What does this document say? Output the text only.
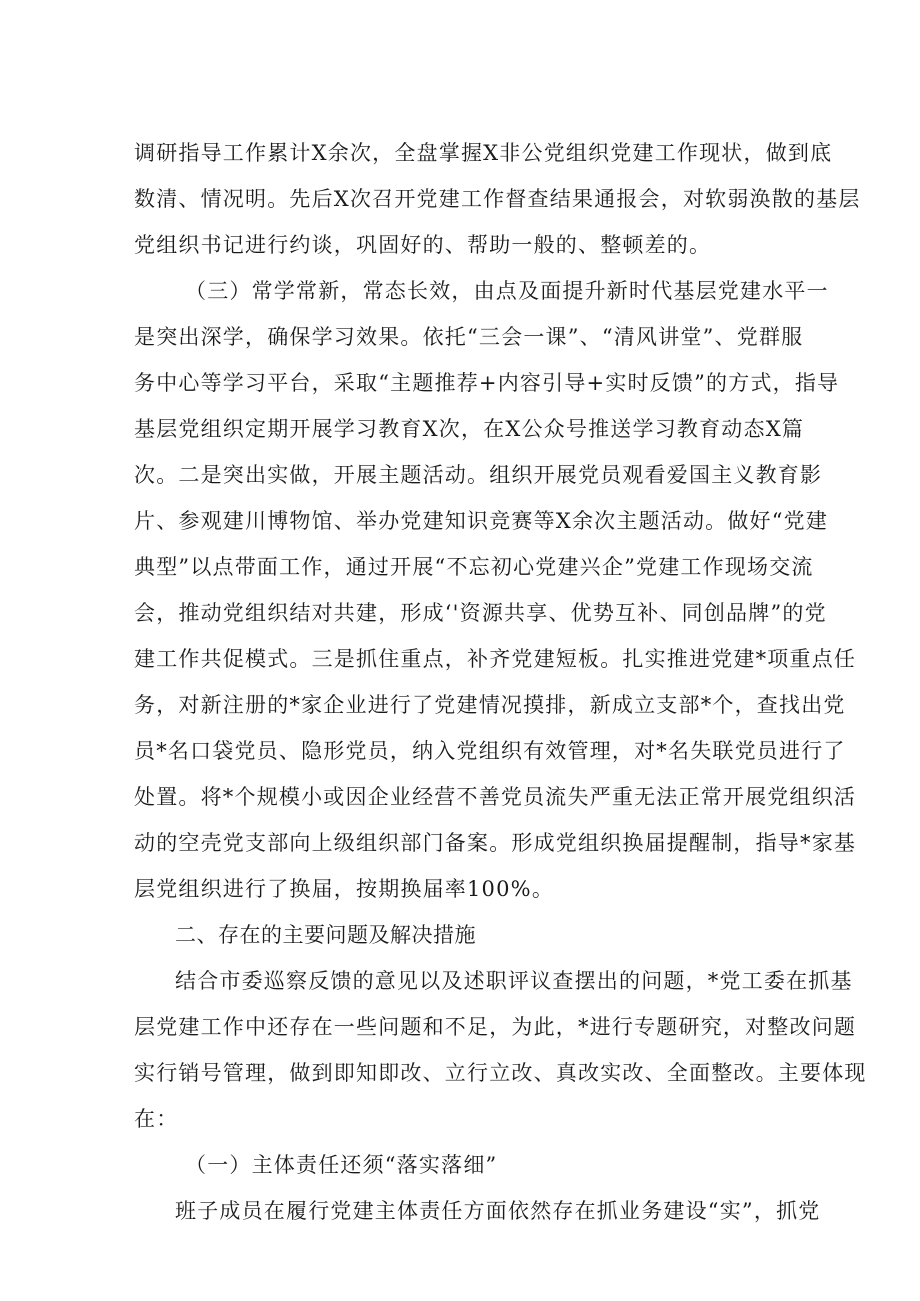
调研指导工作累计X余次，全盘掌握X非公党组织党建工作现状，做到底

数清、情况明。先后X次召开党建工作督查结果通报会，对软弱涣散的基层

党组织书记进行约谈，巩固好的、帮助一般的、整顿差的。

（三）常学常新，常态长效，由点及面提升新时代基层党建水平一

是突出深学，确保学习效果。依托“三会一课”、“清风讲堂”、党群服

务中心等学习平台，采取“主题推荐+内容引导+实时反馈”的方式，指导

基层党组织定期开展学习教育X次，在X公众号推送学习教育动态X篇

次。二是突出实做，开展主题活动。组织开展党员观看爱国主义教育影

片、参观建川博物馆、举办党建知识竞赛等X余次主题活动。做好“党建

典型”以点带面工作，通过开展“不忘初心党建兴企”党建工作现场交流

会，推动党组织结对共建，形成‘'资源共享、优势互补、同创品牌”的党

建工作共促模式。三是抓住重点，补齐党建短板。扎实推进党建*项重点任

务，对新注册的*家企业进行了党建情况摸排，新成立支部*个，查找出党

员*名口袋党员、隐形党员，纳入党组织有效管理，对*名失联党员进行了

处置。将*个规模小或因企业经营不善党员流失严重无法正常开展党组织活

动的空壳党支部向上级组织部门备案。形成党组织换届提醒制，指导*家基

层党组织进行了换届，按期换届率100%。

二、存在的主要问题及解决措施

结合市委巡察反馈的意见以及述职评议查摆出的问题，*党工委在抓基

层党建工作中还存在一些问题和不足，为此，*进行专题研究，对整改问题

实行销号管理，做到即知即改、立行立改、真改实改、全面整改。主要体现

在：

（一）主体责任还须“落实落细”

班子成员在履行党建主体责任方面依然存在抓业务建设“实”，抓党
